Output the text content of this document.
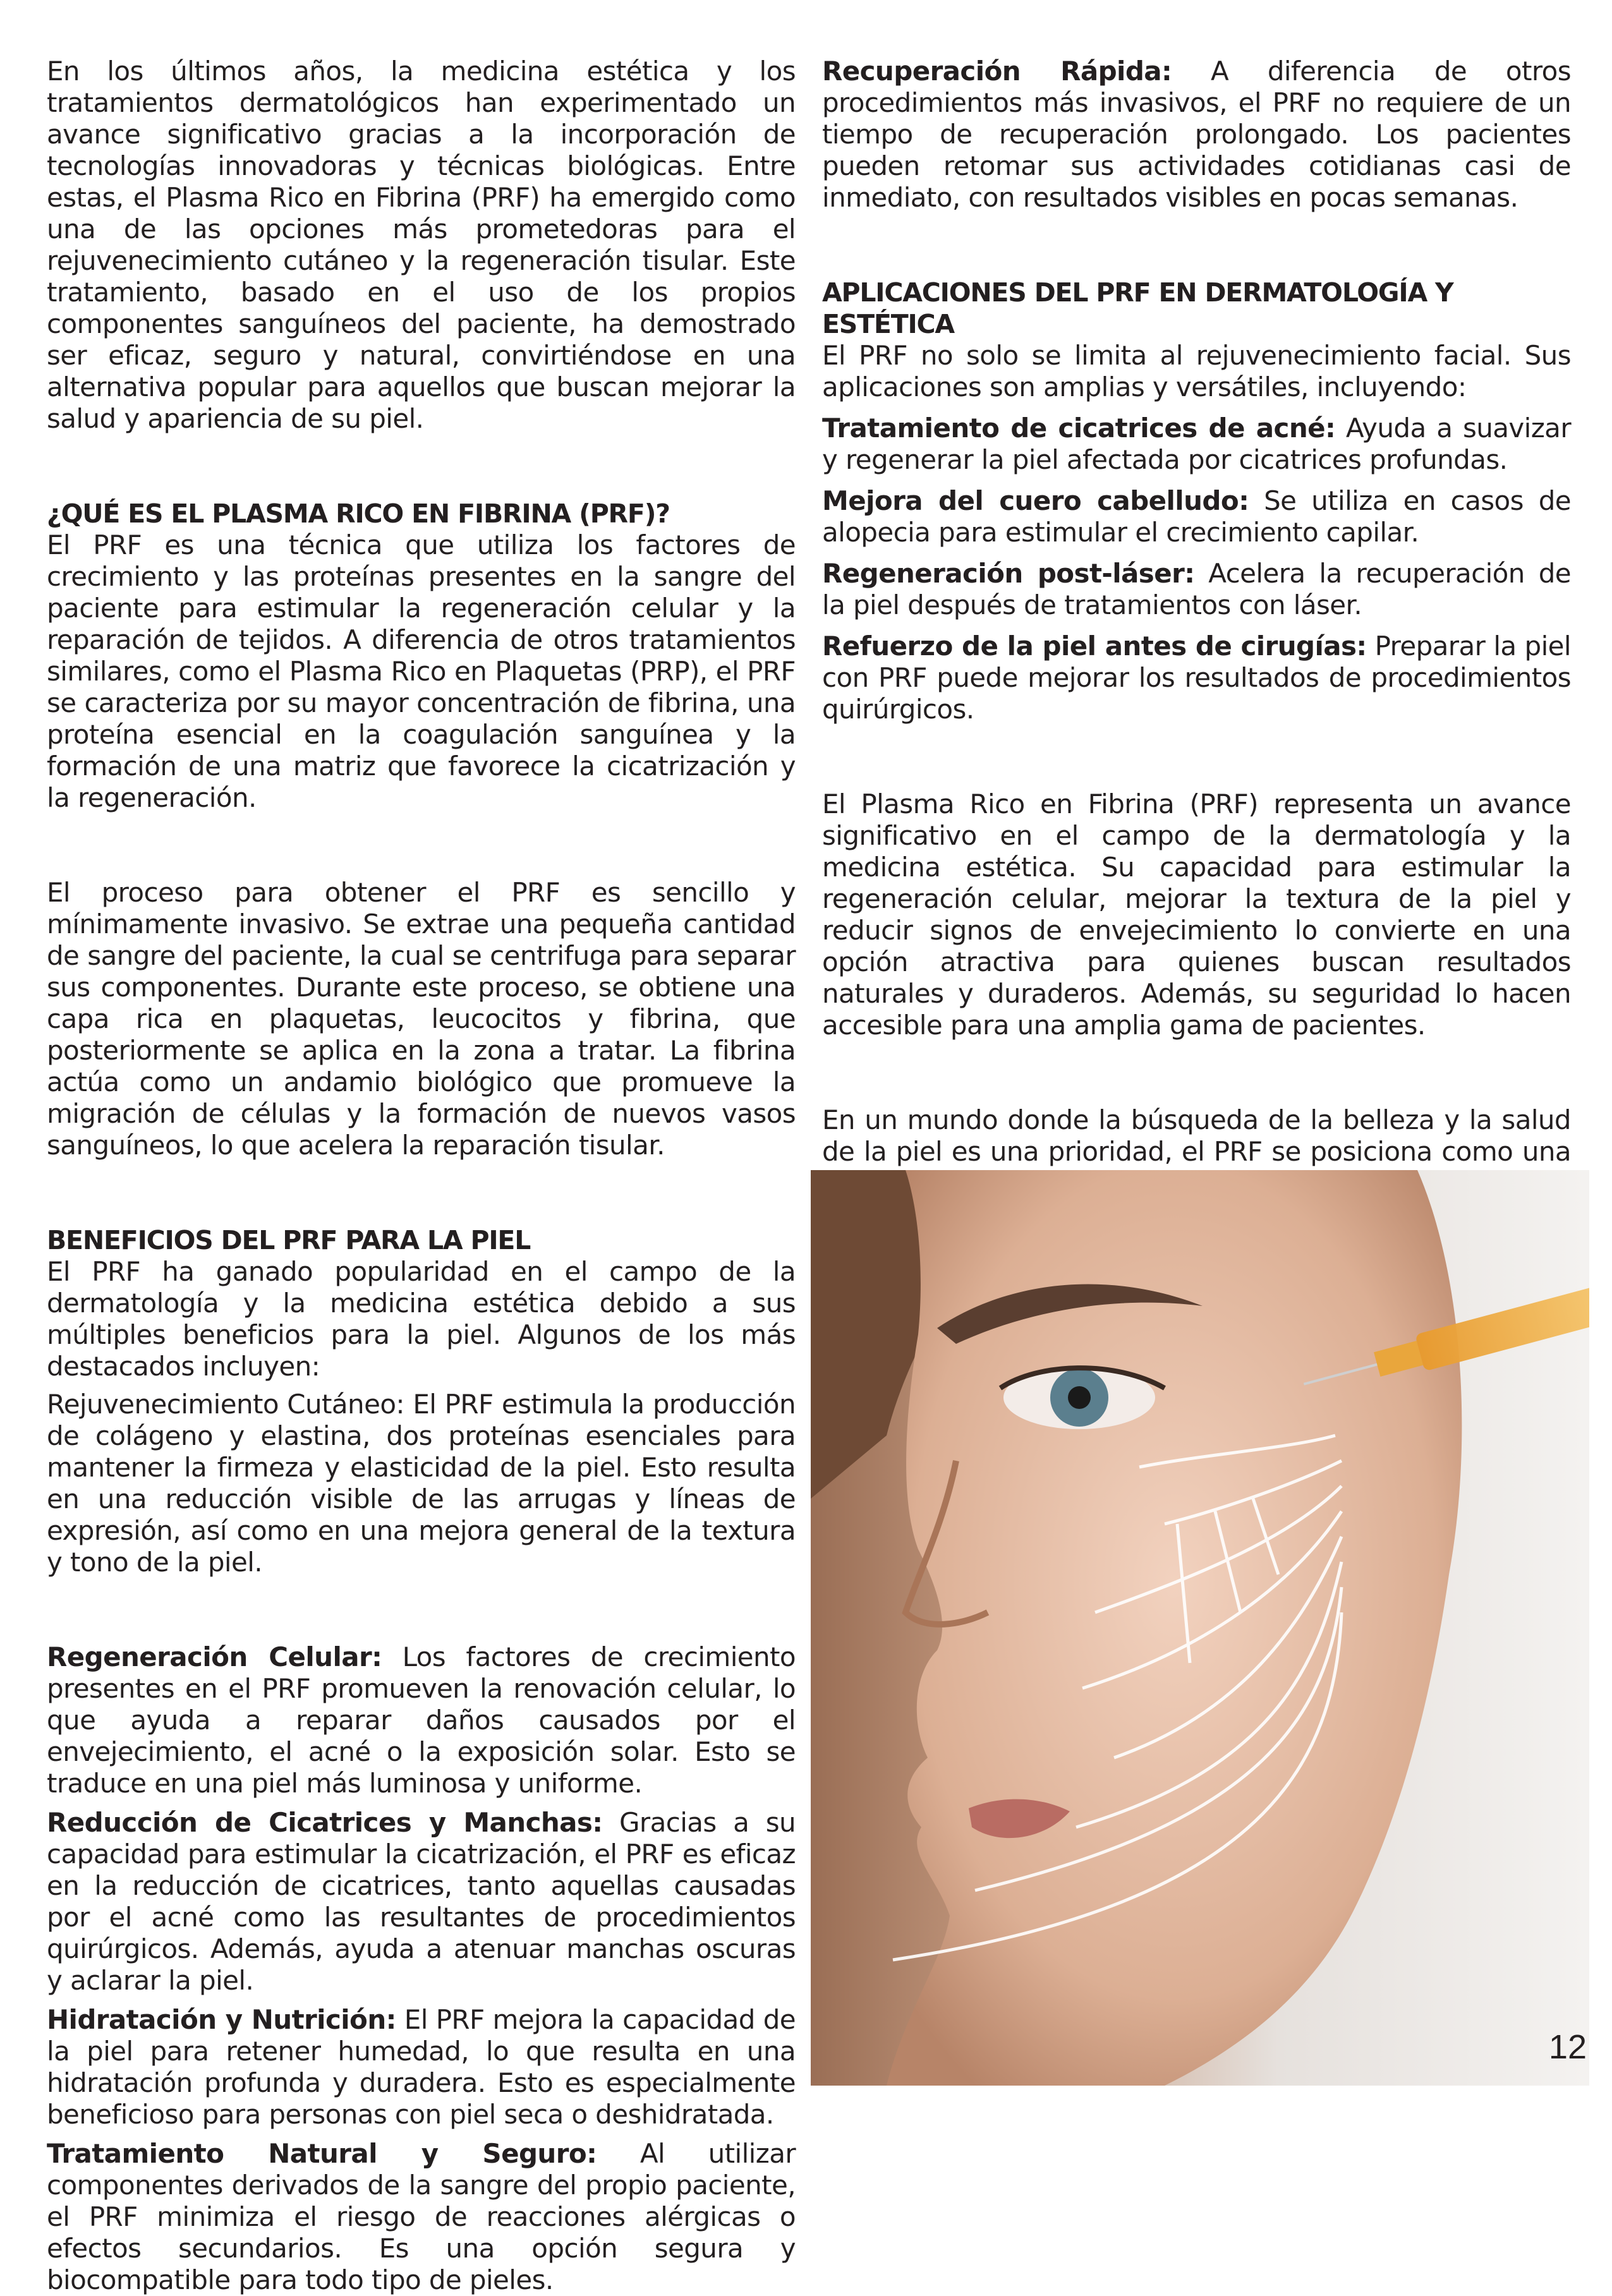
En los últimos años, la medicina estética y los tratamientos dermatológicos han experimentado un avance significativo gracias a la incorporación de tecnologías innovadoras y técnicas biológicas. Entre estas, el Plasma Rico en Fibrina (PRF) ha emergido como una de las opciones más prometedoras para el rejuvenecimiento cutáneo y la regeneración tisular. Este tratamiento, basado en el uso de los propios componentes sanguíneos del paciente, ha demostrado ser eficaz, seguro y natural, convirtiéndose en una alternativa popular para aquellos que buscan mejorar la salud y apariencia de su piel.

¿QUÉ ES EL PLASMA RICO EN FIBRINA (PRF)?

El PRF es una técnica que utiliza los factores de crecimiento y las proteínas presentes en la sangre del paciente para estimular la regeneración celular y la reparación de tejidos. A diferencia de otros tratamientos similares, como el Plasma Rico en Plaquetas (PRP), el PRF se caracteriza por su mayor concentración de fibrina, una proteína esencial en la coagulación sanguínea y la formación de una matriz que favorece la cicatrización y la regeneración.

El proceso para obtener el PRF es sencillo y mínimamente invasivo. Se extrae una pequeña cantidad de sangre del paciente, la cual se centrifuga para separar sus componentes. Durante este proceso, se obtiene una capa rica en plaquetas, leucocitos y fibrina, que posteriormente se aplica en la zona a tratar. La fibrina actúa como un andamio biológico que promueve la migración de células y la formación de nuevos vasos sanguíneos, lo que acelera la reparación tisular.

BENEFICIOS DEL PRF PARA LA PIEL

El PRF ha ganado popularidad en el campo de la dermatología y la medicina estética debido a sus múltiples beneficios para la piel. Algunos de los más destacados incluyen:

Rejuvenecimiento Cutáneo: El PRF estimula la producción de colágeno y elastina, dos proteínas esenciales para mantener la firmeza y elasticidad de la piel. Esto resulta en una reducción visible de las arrugas y líneas de expresión, así como en una mejora general de la textura y tono de la piel.

Regeneración Celular: Los factores de crecimiento presentes en el PRF promueven la renovación celular, lo que ayuda a reparar daños causados por el envejecimiento, el acné o la exposición solar. Esto se traduce en una piel más luminosa y uniforme.

Reducción de Cicatrices y Manchas: Gracias a su capacidad para estimular la cicatrización, el PRF es eficaz en la reducción de cicatrices, tanto aquellas causadas por el acné como las resultantes de procedimientos quirúrgicos. Además, ayuda a atenuar manchas oscuras y aclarar la piel.

Hidratación y Nutrición: El PRF mejora la capacidad de la piel para retener humedad, lo que resulta en una hidratación profunda y duradera. Esto es especialmente beneficioso para personas con piel seca o deshidratada.

Tratamiento Natural y Seguro: Al utilizar componentes derivados de la sangre del propio paciente, el PRF minimiza el riesgo de reacciones alérgicas o efectos secundarios. Es una opción segura y biocompatible para todo tipo de pieles.

Recuperación Rápida: A diferencia de otros procedimientos más invasivos, el PRF no requiere de un tiempo de recuperación prolongado. Los pacientes pueden retomar sus actividades cotidianas casi de inmediato, con resultados visibles en pocas semanas.

APLICACIONES DEL PRF EN DERMATOLOGÍA Y ESTÉTICA

El PRF no solo se limita al rejuvenecimiento facial. Sus aplicaciones son amplias y versátiles, incluyendo:

Tratamiento de cicatrices de acné: Ayuda a suavizar y regenerar la piel afectada por cicatrices profundas.

Mejora del cuero cabelludo: Se utiliza en casos de alopecia para estimular el crecimiento capilar.

Regeneración post-láser: Acelera la recuperación de la piel después de tratamientos con láser.

Refuerzo de la piel antes de cirugías: Preparar la piel con PRF puede mejorar los resultados de procedimientos quirúrgicos.

El Plasma Rico en Fibrina (PRF) representa un avance significativo en el campo de la dermatología y la medicina estética. Su capacidad para estimular la regeneración celular, mejorar la textura de la piel y reducir signos de envejecimiento lo convierte en una opción atractiva para quienes buscan resultados naturales y duraderos. Además, su seguridad lo hacen accesible para una amplia gama de pacientes.

En un mundo donde la búsqueda de la belleza y la salud de la piel es una prioridad, el PRF se posiciona como una

12
